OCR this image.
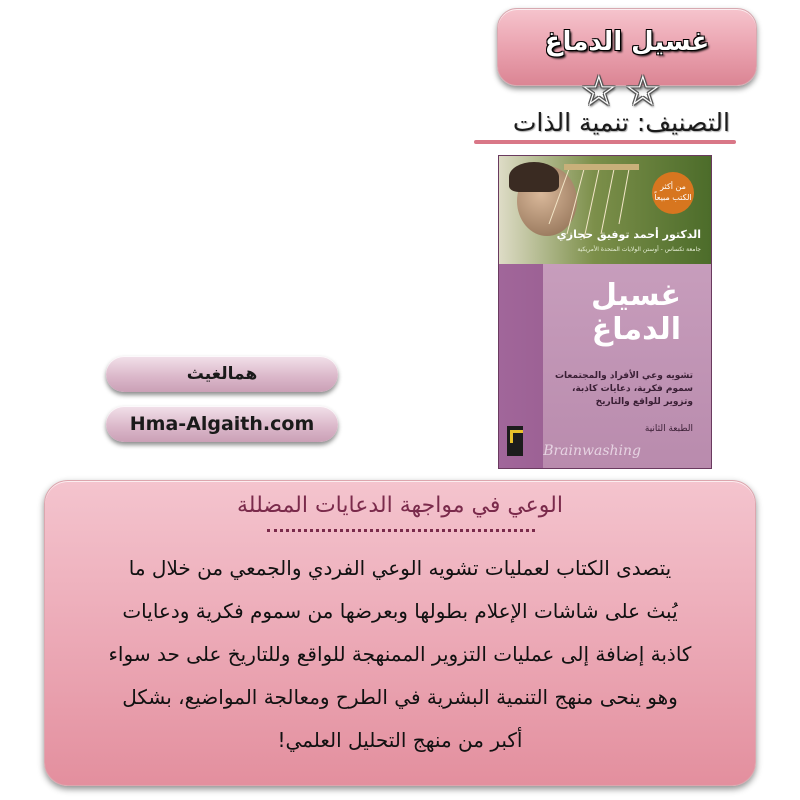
غسيل الدماغ
☆ ☆
التصنيف: تنمية الذات
من أكثر الكتب مبيعاً
الدكتور أحمد توفيق حجازي
جامعة تكساس - أوستن الولايات المتحدة الأمريكية
غسيل
الدماغ
تشويه وعي الأفراد والمجتمعات
سموم فكرية، دعايات كاذبة،
وتزوير للواقع والتاريخ
الطبعة الثانية
Brainwashing
همالغيث
Hma-Algaith.com
الوعي في مواجهة الدعايات المضللة
يتصدى الكتاب لعمليات تشويه الوعي الفردي والجمعي من خلال ما
يُبث على شاشات الإعلام بطولها وبعرضها من سموم فكرية ودعايات
كاذبة إضافة إلى عمليات التزوير الممنهجة للواقع وللتاريخ على حد سواء
وهو ينحى منهج التنمية البشرية في الطرح ومعالجة المواضيع، بشكل
أكبر من منهج التحليل العلمي!
